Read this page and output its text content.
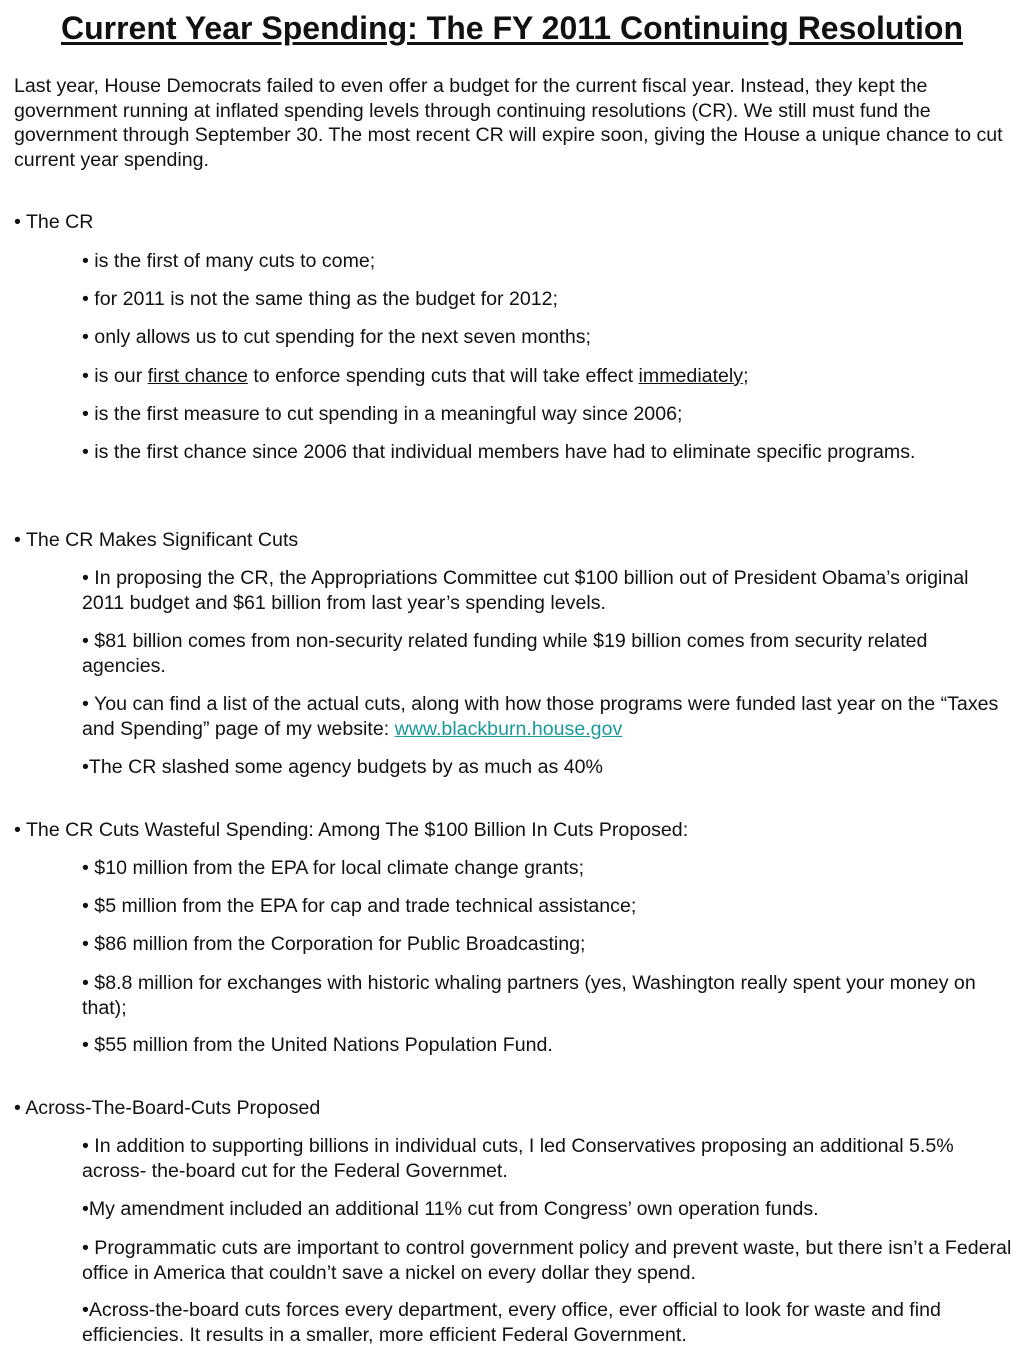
Current Year Spending: The FY 2011 Continuing Resolution

Last year, House Democrats failed to even offer a budget for the current fiscal year. Instead, they kept the government running at inflated spending levels through continuing resolutions (CR). We still must fund the government through September 30. The most recent CR will expire soon, giving the House a unique chance to cut current year spending.

• The CR

• is the first of many cuts to come;

• for 2011 is not the same thing as the budget for 2012;

• only allows us to cut spending for the next seven months;

• is our first chance to enforce spending cuts that will take effect immediately;

• is the first measure to cut spending in a meaningful way since 2006;

• is the first chance since 2006 that individual members have had to eliminate specific programs.

• The CR Makes Significant Cuts

• In proposing the CR, the Appropriations Committee cut $100 billion out of President Obama’s original 2011 budget and $61 billion from last year’s spending levels.

• $81 billion comes from non-security related funding while $19 billion comes from security related agencies.

• You can find a list of the actual cuts, along with how those programs were funded last year on the “Taxes and Spending” page of my website: www.blackburn.house.gov

•The CR slashed some agency budgets by as much as 40%

• The CR Cuts Wasteful Spending: Among The $100 Billion In Cuts Proposed:

• $10 million from the EPA for local climate change grants;

• $5 million from the EPA for cap and trade technical assistance;

• $86 million from the Corporation for Public Broadcasting;

• $8.8 million for exchanges with historic whaling partners (yes, Washington really spent your money on that);

• $55 million from the United Nations Population Fund.

• Across-The-Board-Cuts Proposed

• In addition to supporting billions in individual cuts, I led Conservatives proposing an additional 5.5% across- the-board cut for the Federal Governmet.

•My amendment included an additional 11% cut from Congress’ own operation funds.

• Programmatic cuts are important to control government policy and prevent waste, but there isn’t a Federal office in America that couldn’t save a nickel on every dollar they spend.

•Across-the-board cuts forces every department, every office, ever official to look for waste and find efficiencies. It results in a smaller, more efficient Federal Government.
